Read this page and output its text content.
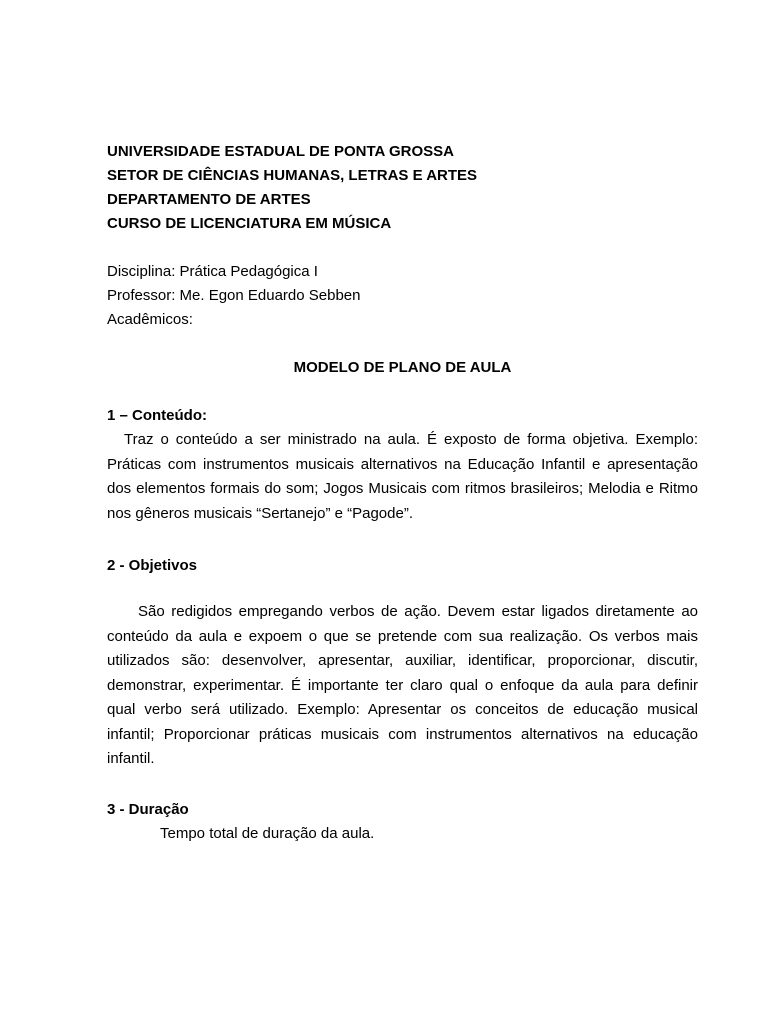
UNIVERSIDADE ESTADUAL DE PONTA GROSSA
SETOR DE CIÊNCIAS HUMANAS, LETRAS E ARTES
DEPARTAMENTO DE ARTES
CURSO DE LICENCIATURA EM MÚSICA
Disciplina: Prática Pedagógica I
Professor: Me. Egon Eduardo Sebben
Acadêmicos:
MODELO DE PLANO DE AULA
1 – Conteúdo:
Traz o conteúdo a ser ministrado na aula. É exposto de forma objetiva. Exemplo:
Práticas com instrumentos musicais alternativos na Educação Infantil e apresentação
dos elementos formais do som; Jogos Musicais com ritmos brasileiros; Melodia e Ritmo
nos gêneros musicais “Sertanejo” e “Pagode”.
2 - Objetivos
São redigidos empregando verbos de ação. Devem estar ligados diretamente ao
conteúdo da aula e expoem o que se pretende com sua realização. Os verbos mais
utilizados são: desenvolver, apresentar, auxiliar, identificar, proporcionar, discutir,
demonstrar, experimentar. É importante ter claro qual o enfoque da aula para definir
qual verbo será utilizado. Exemplo: Apresentar os conceitos de educação musical
infantil; Proporcionar práticas musicais com instrumentos alternativos na educação
infantil.
3 - Duração
Tempo total de duração da aula.
